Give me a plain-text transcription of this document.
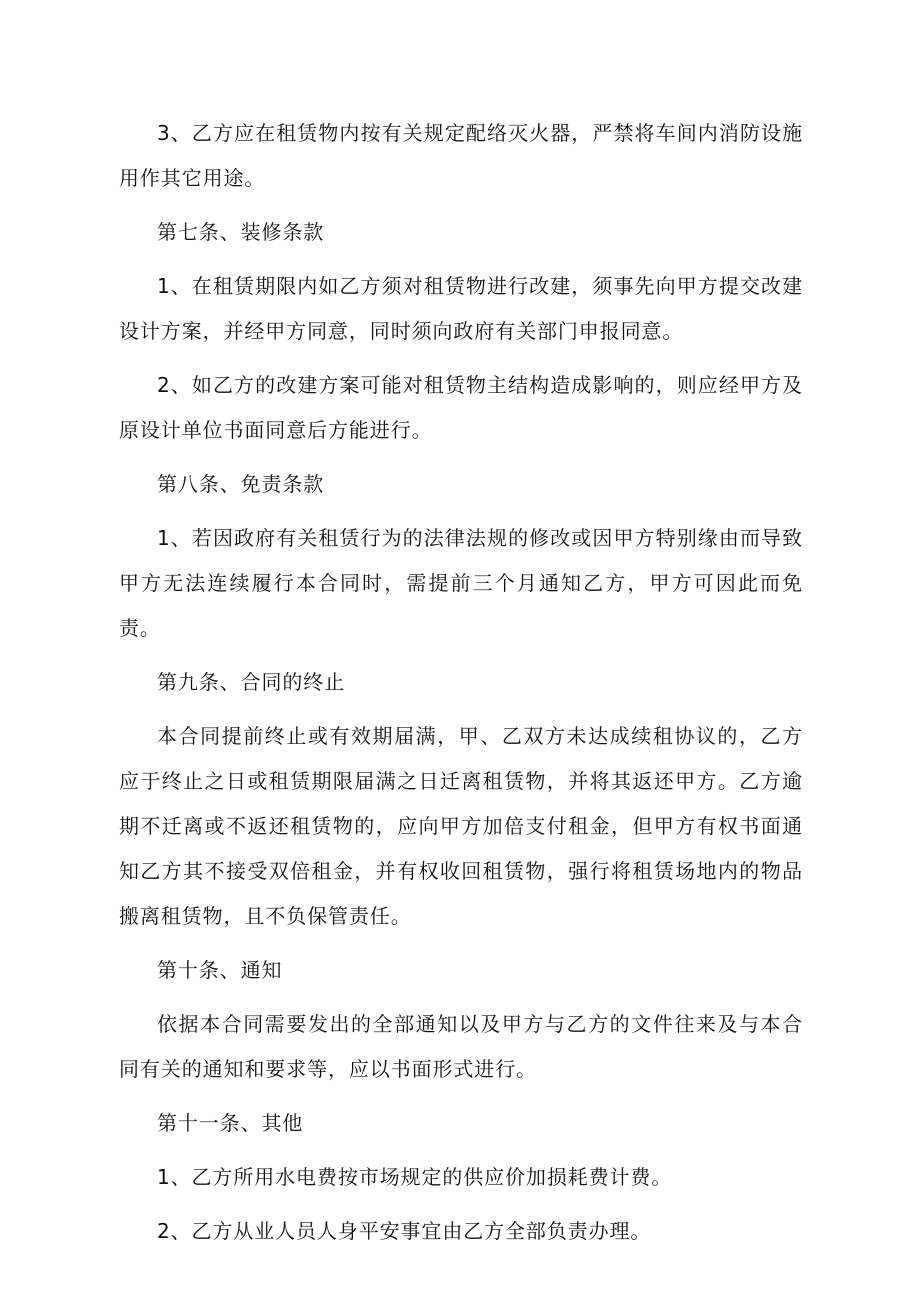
3、乙方应在租赁物内按有关规定配络灭火器，严禁将车间内消防设施用作其它用途。

第七条、装修条款

1、在租赁期限内如乙方须对租赁物进行改建，须事先向甲方提交改建设计方案，并经甲方同意，同时须向政府有关部门申报同意。

2、如乙方的改建方案可能对租赁物主结构造成影响的，则应经甲方及原设计单位书面同意后方能进行。

第八条、免责条款

1、若因政府有关租赁行为的法律法规的修改或因甲方特别缘由而导致甲方无法连续履行本合同时，需提前三个月通知乙方，甲方可因此而免责。

第九条、合同的终止

本合同提前终止或有效期届满，甲、乙双方未达成续租协议的，乙方应于终止之日或租赁期限届满之日迁离租赁物，并将其返还甲方。乙方逾期不迁离或不返还租赁物的，应向甲方加倍支付租金，但甲方有权书面通知乙方其不接受双倍租金，并有权收回租赁物，强行将租赁场地内的物品搬离租赁物，且不负保管责任。

第十条、通知

依据本合同需要发出的全部通知以及甲方与乙方的文件往来及与本合同有关的通知和要求等，应以书面形式进行。

第十一条、其他

1、乙方所用水电费按市场规定的供应价加损耗费计费。

2、乙方从业人员人身平安事宜由乙方全部负责办理。
